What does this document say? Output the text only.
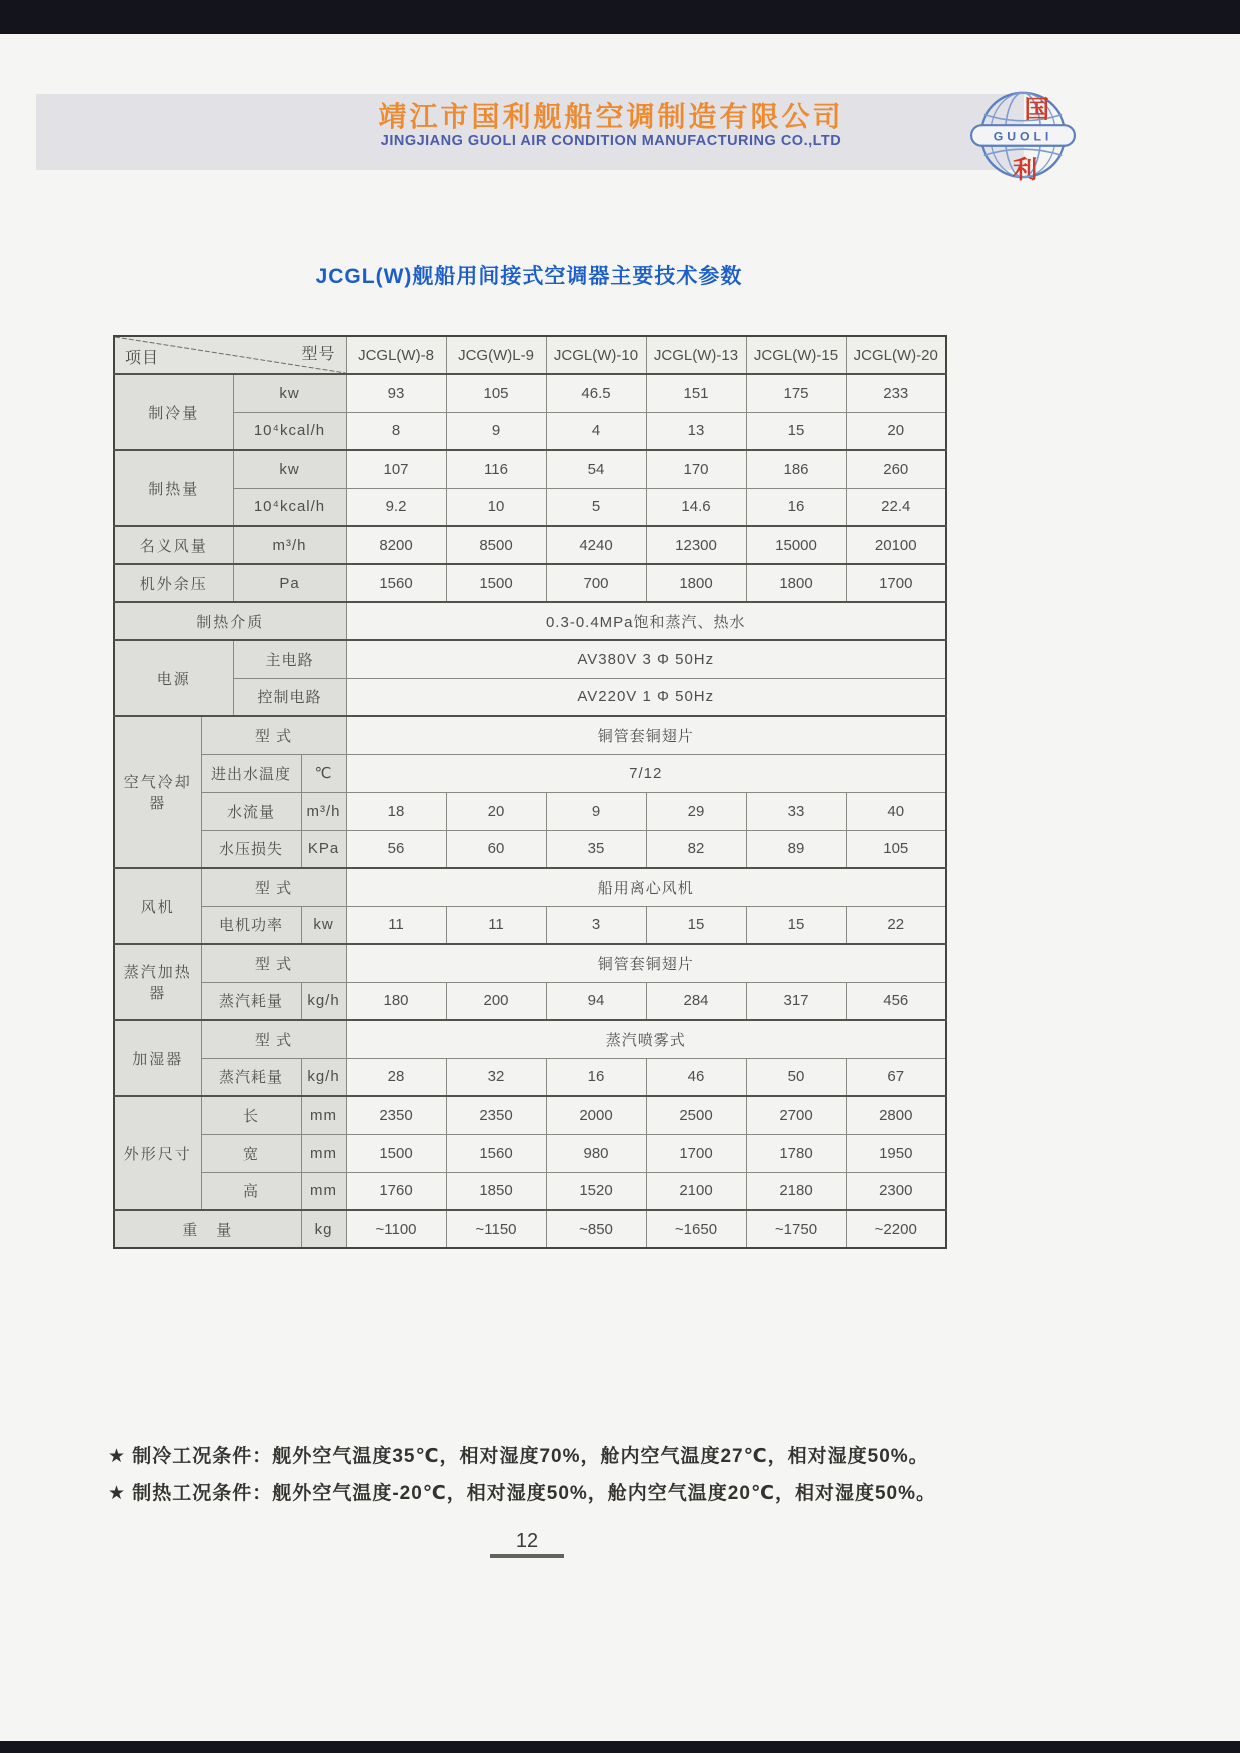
靖江市国利舰船空调制造有限公司
JINGJIANG GUOLI AIR CONDITION MANUFACTURING CO.,LTD	GUOLI
国
利
JCGL(W)舰船用间接式空调器主要技术参数
型号
项目				JCGL(W)-8	JCG(W)L-9	JCGL(W)-10	JCGL(W)-13	JCGL(W)-15	JCGL(W)-20
制冷量		kw		93	105	46.5	151	175	233
		10⁴kcal/h		8	9	4	13	15	20
制热量		kw		107	116	54	170	186	260
		10⁴kcal/h		9.2	10	5	14.6	16	22.4
名义风量		m³/h		8200	8500	4240	12300	15000	20100
机外余压		Pa		1560	1500	700	1800	1800	1700
制热介质				0.3-0.4MPa饱和蒸汽、热水					
电源		主电路		AV380V 3 Φ 50Hz					
		控制电路		AV220V 1 Φ 50Hz					
空气冷却器	型 式			铜管套铜翅片					
	进出水温度		℃	7/12					
	水流量		m³/h	18	20	9	29	33	40
	水压损失		KPa	56	60	35	82	89	105
风机	型 式			船用离心风机					
	电机功率		kw	11	11	3	15	15	22
蒸汽加热器	型 式			铜管套铜翅片					
	蒸汽耗量		kg/h	180	200	94	284	317	456
加湿器	型 式			蒸汽喷雾式					
	蒸汽耗量		kg/h	28	32	16	46	50	67
外形尺寸	长		mm	2350	2350	2000	2500	2700	2800
	宽		mm	1500	1560	980	1700	1780	1950
	高		mm	1760	1850	1520	2100	2180	2300
重　量			kg	~1100	~1150	~850	~1650	~1750	~2200
★ 制冷工况条件：舰外空气温度35℃，相对湿度70%，舱内空气温度27℃，相对湿度50%。
★ 制热工况条件：舰外空气温度-20℃，相对湿度50%，舱内空气温度20℃，相对湿度50%。
12
